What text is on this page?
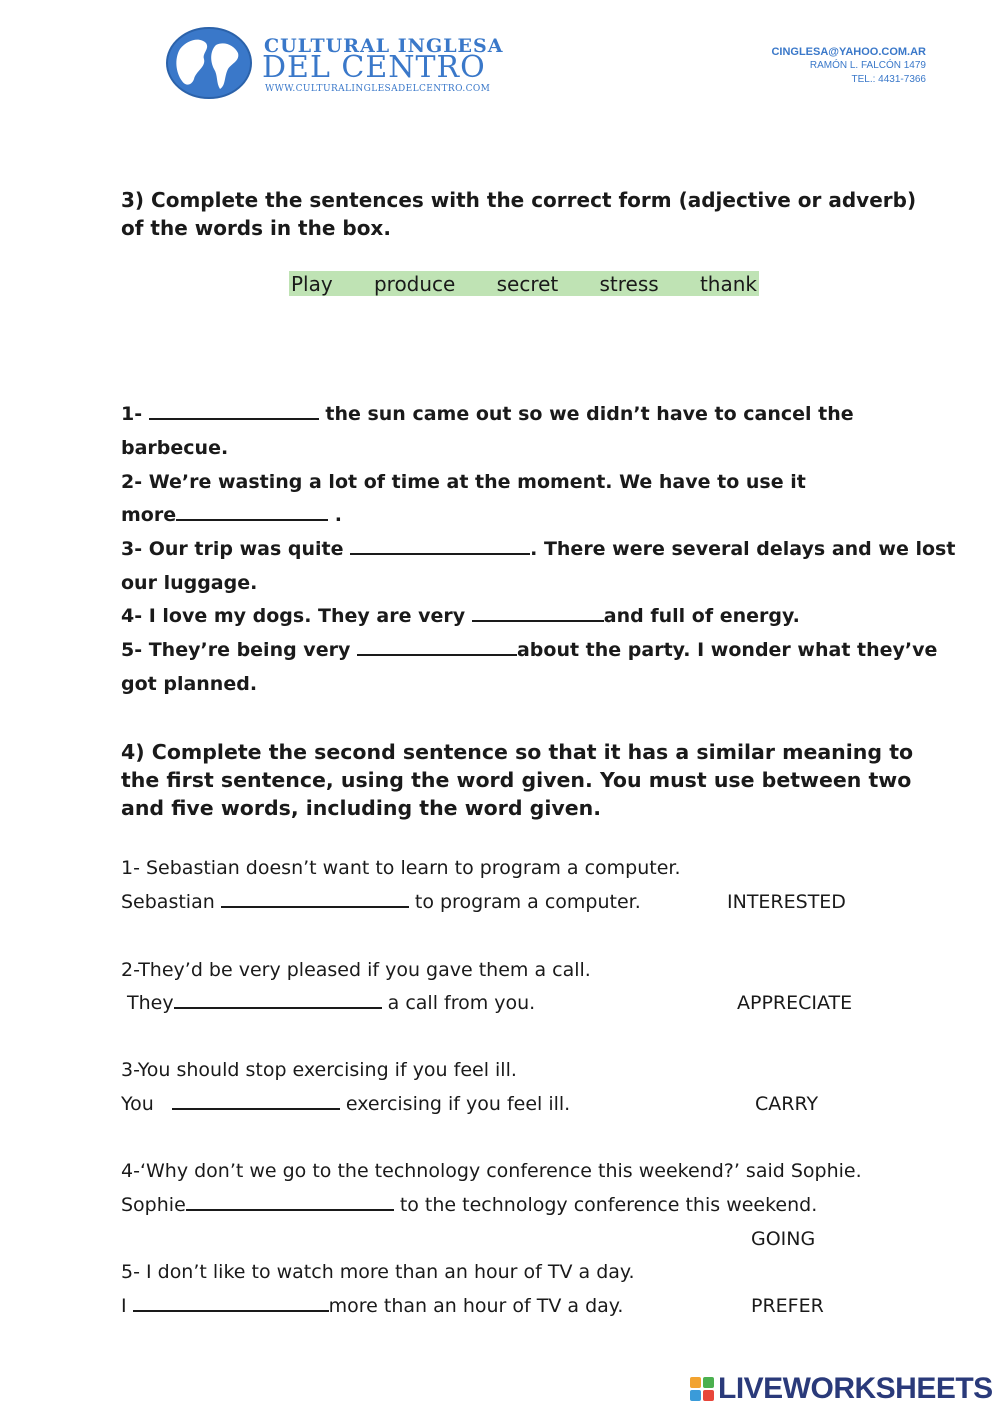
CULTURAL INGLESA
DEL CENTRO
WWW.CULTURALINGLESADELCENTRO.COM
CINGLESA@YAHOO.COM.AR
RAMÓN L. FALCÓN 1479
TEL.: 4431-7366
3) Complete the sentences with the correct form (adjective or adverb) of the words in the box.
Play produce secret stress thank
1-	the sun came out so we didn’t have to cancel the
barbecue.
2- We’re wasting a lot of time at the moment. We have to use it
more	.
3- Our trip was quite	. There were several delays and we lost
our luggage.
4- I love my dogs. They are very	and full of energy.
5- They’re being very	about the party. I wonder what they’ve
got planned.
4) Complete the second sentence so that it has a similar meaning to the first sentence, using the word given. You must use between two and five words, including the word given.
1- Sebastian doesn’t want to learn to program a computer.
Sebastian	to program a computer.	INTERESTED
2-They’d be very pleased if you gave them a call.
They	a call from you.	APPRECIATE
3-You should stop exercising if you feel ill.
You	exercising if you feel ill.	CARRY
4-‘Why don’t we go to the technology conference this weekend?’ said Sophie.
Sophie	to the technology conference this weekend.
GOING
5- I don’t like to watch more than an hour of TV a day.
I	more than an hour of TV a day.	PREFER
LIVEWORKSHEETS
